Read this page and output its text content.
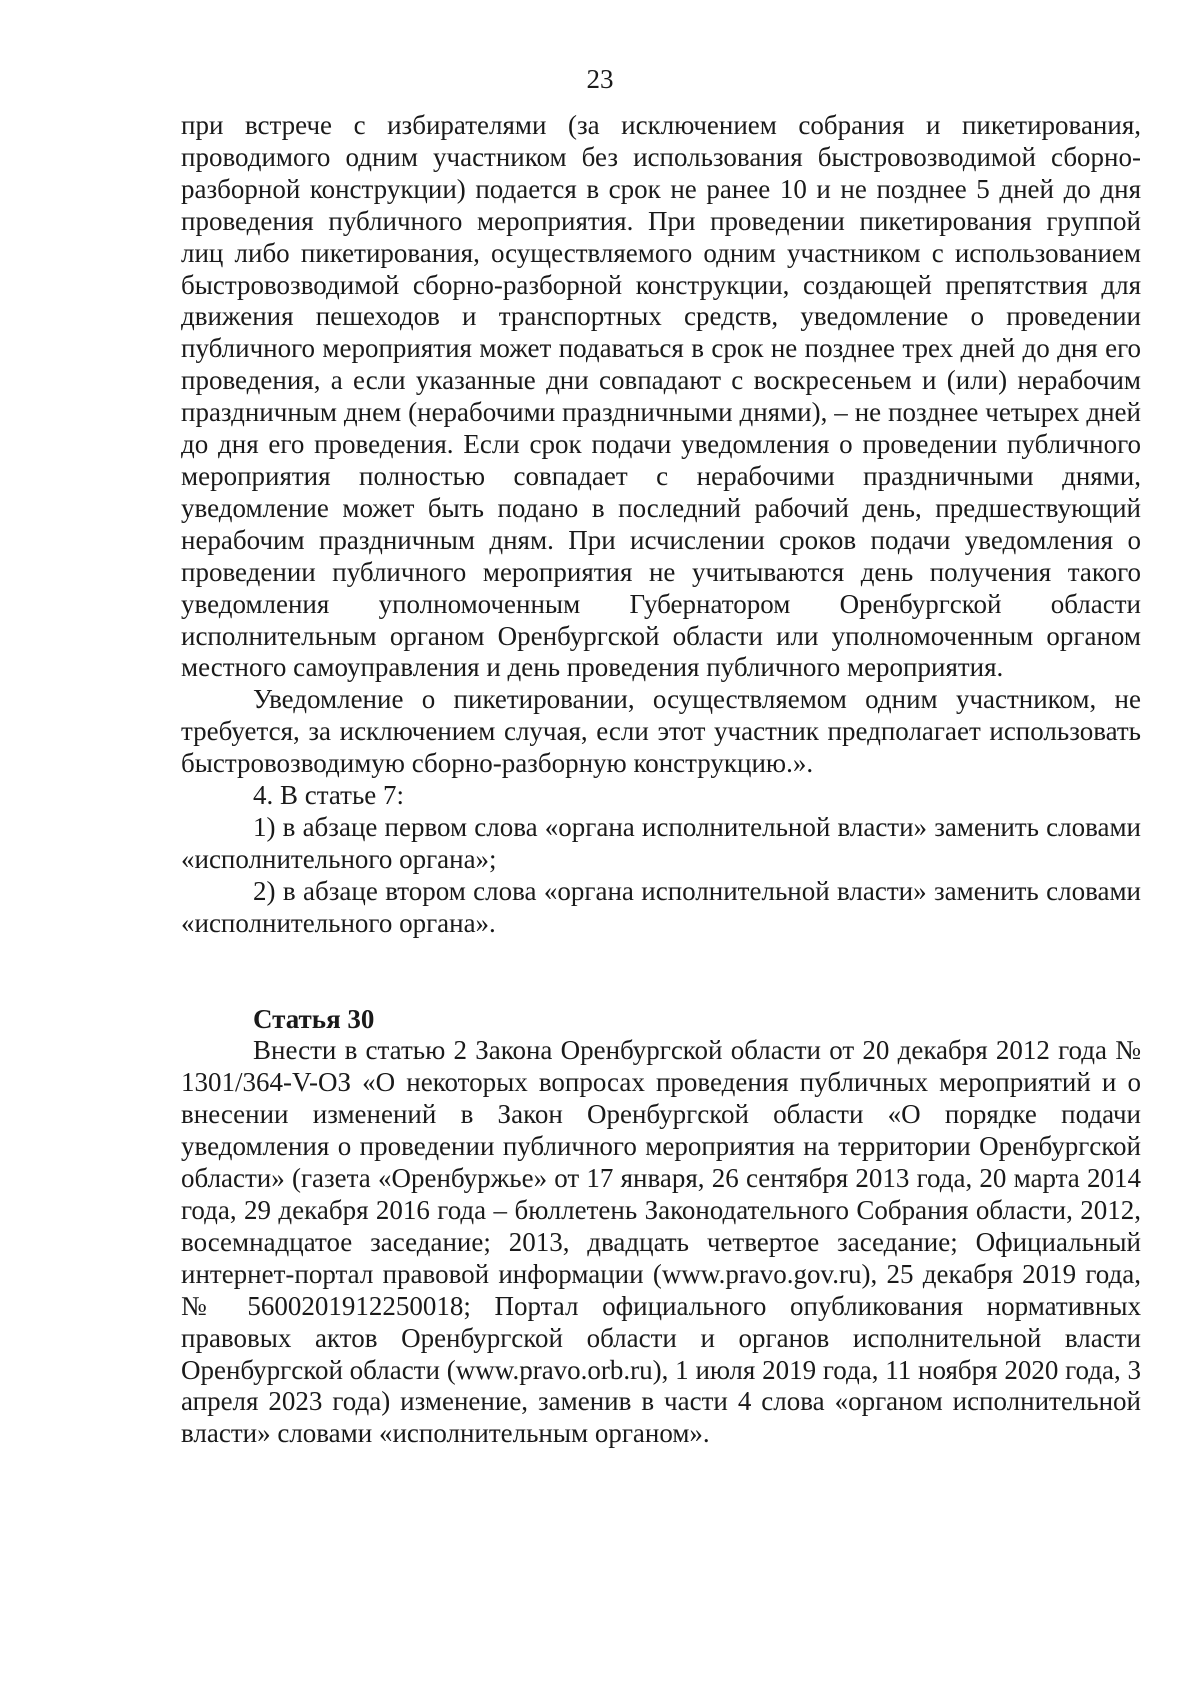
23

при встрече с избирателями (за исключением собрания и пикетирования, проводимого одним участником без использования быстровозводимой сборно-разборной конструкции) подается в срок не ранее 10 и не позднее 5 дней до дня проведения публичного мероприятия. При проведении пикетирования группой лиц либо пикетирования, осуществляемого одним участником с использованием быстровозводимой сборно-разборной конструкции, создающей препятствия для движения пешеходов и транспортных средств, уведомление о проведении публичного мероприятия может подаваться в срок не позднее трех дней до дня его проведения, а если указанные дни совпадают с воскресеньем и (или) нерабочим праздничным днем (нерабочими праздничными днями), – не позднее четырех дней до дня его проведения. Если срок подачи уведомления о проведении публичного мероприятия полностью совпадает с нерабочими праздничными днями, уведомление может быть подано в последний рабочий день, предшествующий нерабочим праздничным дням. При исчислении сроков подачи уведомления о проведении публичного мероприятия не учитываются день получения такого уведомления уполномоченным Губернатором Оренбургской области исполнительным органом Оренбургской области или уполномоченным органом местного самоуправления и день проведения публичного мероприятия.

Уведомление о пикетировании, осуществляемом одним участником, не требуется, за исключением случая, если этот участник предполагает использовать быстровозводимую сборно-разборную конструкцию.».

4. В статье 7:

1) в абзаце первом слова «органа исполнительной власти» заменить словами «исполнительного органа»;

2) в абзаце втором слова «органа исполнительной власти» заменить словами «исполнительного органа».

Статья 30

Внести в статью 2 Закона Оренбургской области от 20 декабря 2012 года № 1301/364-V-ОЗ «О некоторых вопросах проведения публичных мероприятий и о внесении изменений в Закон Оренбургской области «О порядке подачи уведомления о проведении публичного мероприятия на территории Оренбургской области» (газета «Оренбуржье» от 17 января, 26 сентября 2013 года, 20 марта 2014 года, 29 декабря 2016 года – бюллетень Законодательного Собрания области, 2012, восемнадцатое заседание; 2013, двадцать четвертое заседание; Официальный интернет-портал правовой информации (www.pravo.gov.ru), 25 декабря 2019 года, № 5600201912250018; Портал официального опубликования нормативных правовых актов Оренбургской области и органов исполнительной власти Оренбургской области (www.pravo.orb.ru), 1 июля 2019 года, 11 ноября 2020 года, 3 апреля 2023 года) изменение, заменив в части 4 слова «органом исполнительной власти» словами «исполнительным органом».
